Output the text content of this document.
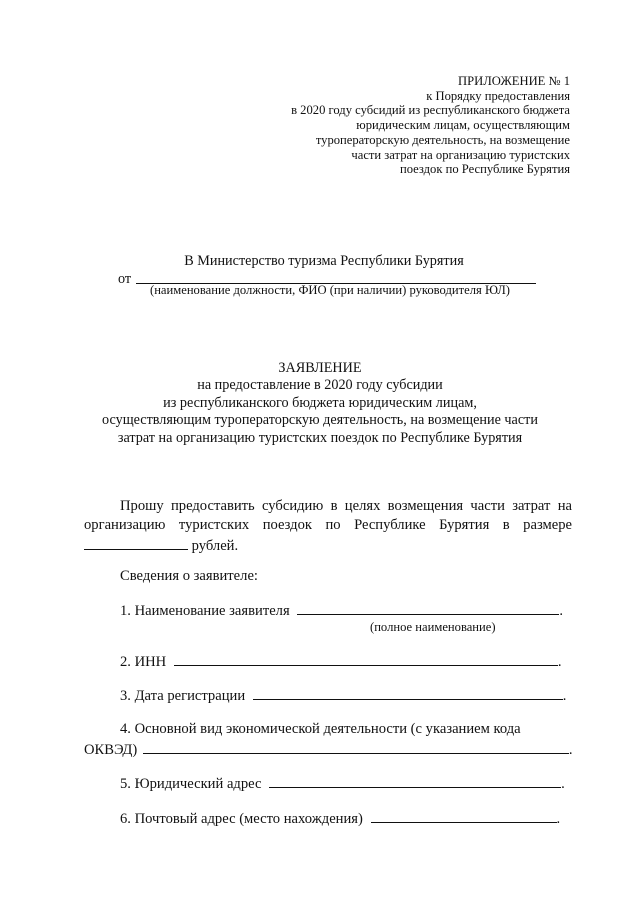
ПРИЛОЖЕНИЕ № 1
к Порядку предоставления
в 2020 году субсидий из республиканского бюджета
юридическим лицам, осуществляющим
туроператорскую деятельность, на возмещение
части затрат на организацию туристских
поездок по Республике Бурятия
В Министерство туризма Республики Бурятия
от
(наименование должности, ФИО (при наличии) руководителя ЮЛ)
ЗАЯВЛЕНИЕ
на предоставление в 2020 году субсидии
из республиканского бюджета юридическим лицам,
осуществляющим туроператорскую деятельность, на возмещение части
затрат на организацию туристских поездок по Республике Бурятия
Прошу предоставить субсидию в целях возмещения части затрат на
организацию туристских поездок по Республике Бурятия в размере
рублей.
Сведения о заявителе:
1. Наименование заявителя	.
(полное наименование)
2. ИНН	.
3. Дата регистрации	.
4. Основной вид экономической деятельности (с указанием кода
ОКВЭД)	.
5. Юридический адрес	.
6. Почтовый адрес (место нахождения)	.
